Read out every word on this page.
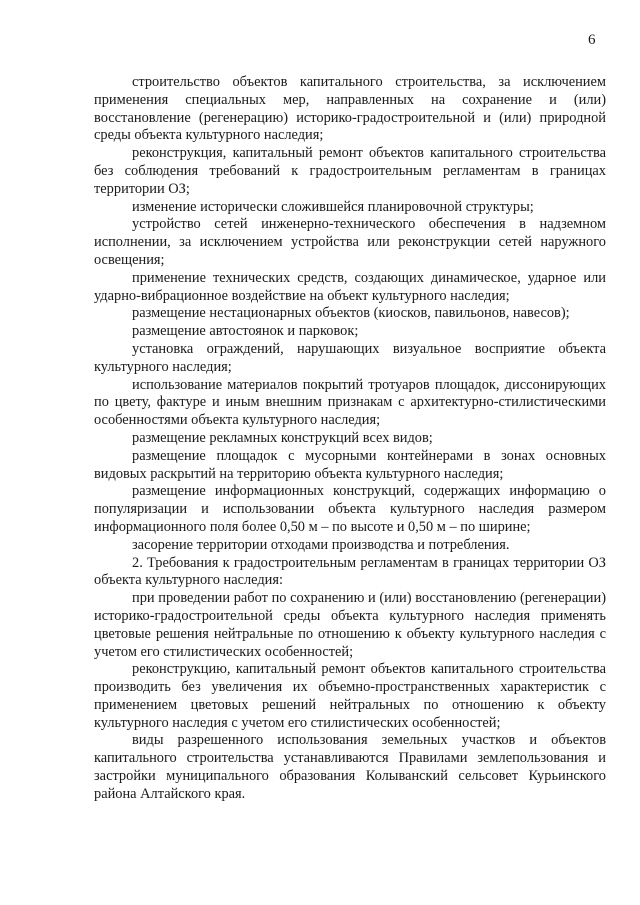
6

строительство объектов капитального строительства, за исключением применения специальных мер, направленных на сохранение и (или) восстановление (регенерацию) историко-градостроительной и (или) природной среды объекта культурного наследия;

реконструкция, капитальный ремонт объектов капитального строительства без соблюдения требований к градостроительным регламентам в границах территории ОЗ;

изменение исторически сложившейся планировочной структуры;

устройство сетей инженерно-технического обеспечения в надземном исполнении, за исключением устройства или реконструкции сетей наружного освещения;

применение технических средств, создающих динамическое, ударное или ударно-вибрационное воздействие на объект культурного наследия;

размещение нестационарных объектов (киосков, павильонов, навесов);

размещение автостоянок и парковок;

установка ограждений, нарушающих визуальное восприятие объекта культурного наследия;

использование материалов покрытий тротуаров площадок, диссонирующих по цвету, фактуре и иным внешним признакам с архитектурно-стилистическими особенностями объекта культурного наследия;

размещение рекламных конструкций всех видов;

размещение площадок с мусорными контейнерами в зонах основных видовых раскрытий на территорию объекта культурного наследия;

размещение информационных конструкций, содержащих информацию о популяризации и использовании объекта культурного наследия размером информационного поля более 0,50 м – по высоте и 0,50 м – по ширине;

засорение территории отходами производства и потребления.

2. Требования к градостроительным регламентам в границах территории ОЗ объекта культурного наследия:

при проведении работ по сохранению и (или) восстановлению (регенерации) историко-градостроительной среды объекта культурного наследия применять цветовые решения нейтральные по отношению к объекту культурного наследия с учетом его стилистических особенностей;

реконструкцию, капитальный ремонт объектов капитального строительства производить без увеличения их объемно-пространственных характеристик с применением цветовых решений нейтральных по отношению к объекту культурного наследия с учетом его стилистических особенностей;

виды разрешенного использования земельных участков и объектов капитального строительства устанавливаются Правилами землепользования и застройки муниципального образования Колыванский сельсовет Курьинского района Алтайского края.
